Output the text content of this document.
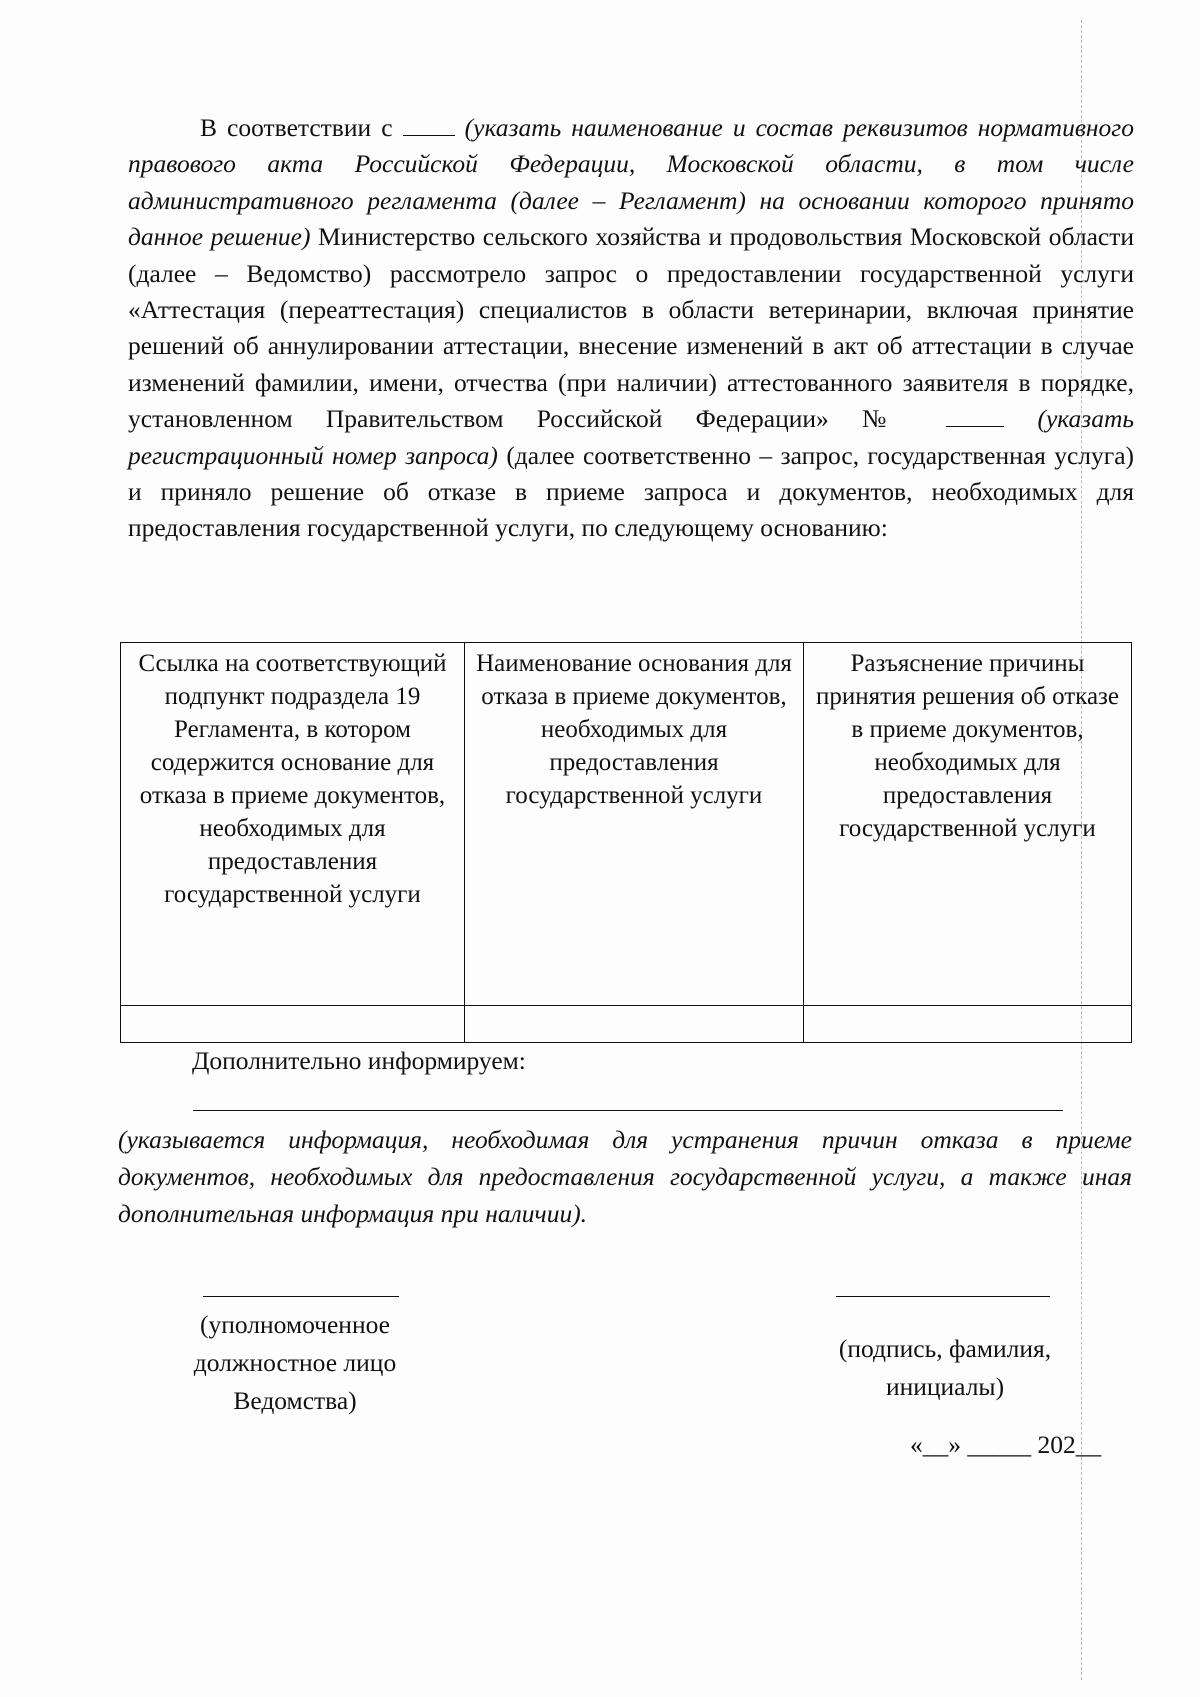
В соответствии с	(указать наименование и состав реквизитов нормативного правового акта Российской Федерации, Московской области, в том числе административного регламента (далее – Регламент) на основании которого принято данное решение) Министерство сельского хозяйства и продовольствия Московской области (далее – Ведомство) рассмотрело запрос о предоставлении государственной услуги «Аттестация (переаттестация) специалистов в области ветеринарии, включая принятие решений об аннулировании аттестации, внесение изменений в акт об аттестации в случае изменений фамилии, имени, отчества (при наличии) аттестованного заявителя в порядке, установленном Правительством Российской Федерации» №	(указать регистрационный номер запроса) (далее соответственно – запрос, государственная услуга) и приняло решение об отказе в приеме запроса и документов, необходимых для предоставления государственной услуги, по следующему основанию:

Ссылка на соответствующий подпункт подраздела 19 Регламента, в котором содержится основание для отказа в приеме документов, необходимых для предоставления государственной услуги	Наименование основания для отказа в приеме документов, необходимых для предоставления государственной услуги	Разъяснение причины принятия решения об отказе в приеме документов, необходимых для предоставления государственной услуги

Дополнительно информируем:

(указывается информация, необходимая для устранения причин отказа в приеме документов, необходимых для предоставления государственной услуги, а также иная дополнительная информация при наличии).

(уполномоченное должностное лицо Ведомства)

(подпись, фамилия, инициалы)

«__» _____ 202__
